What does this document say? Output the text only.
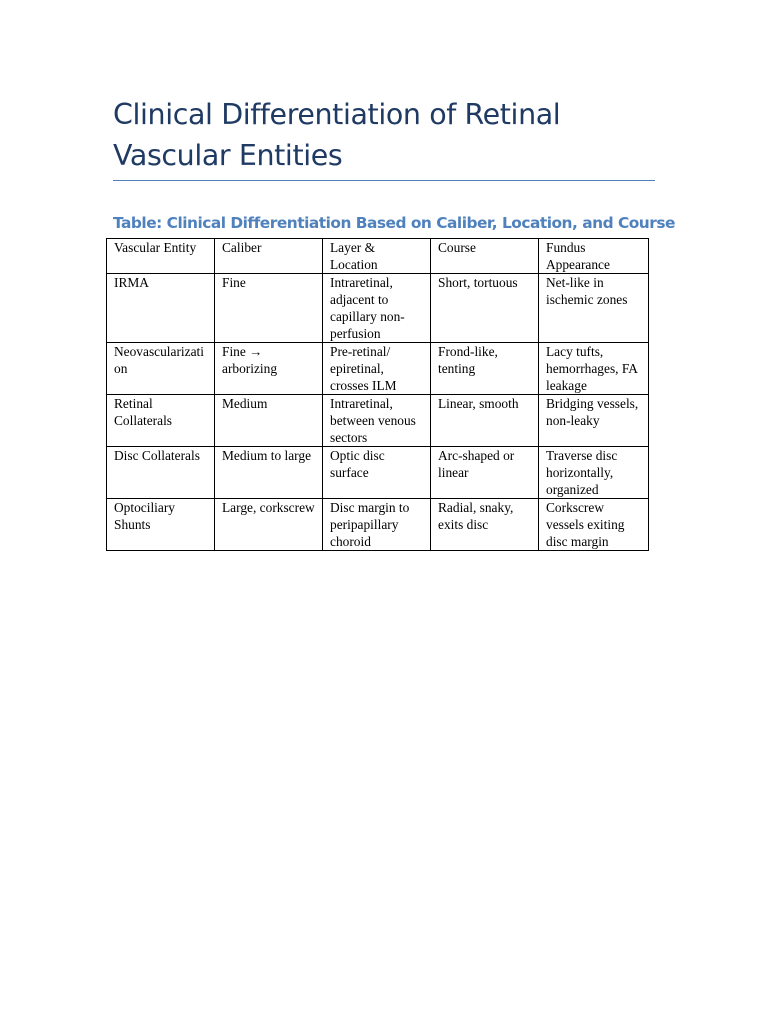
Clinical Differentiation of Retinal Vascular Entities

Table: Clinical Differentiation Based on Caliber, Location, and Course

Vascular Entity	Caliber	Layer & Location	Course	Fundus Appearance
IRMA	Fine	Intraretinal, adjacent to capillary non-perfusion	Short, tortuous	Net-like in ischemic zones
Neovascularization	Fine → arborizing	Pre-retinal/ epiretinal, crosses ILM	Frond-like, tenting	Lacy tufts, hemorrhages, FA leakage
Retinal Collaterals	Medium	Intraretinal, between venous sectors	Linear, smooth	Bridging vessels, non-leaky
Disc Collaterals	Medium to large	Optic disc surface	Arc-shaped or linear	Traverse disc horizontally, organized
Optociliary Shunts	Large, corkscrew	Disc margin to peripapillary choroid	Radial, snaky, exits disc	Corkscrew vessels exiting disc margin
